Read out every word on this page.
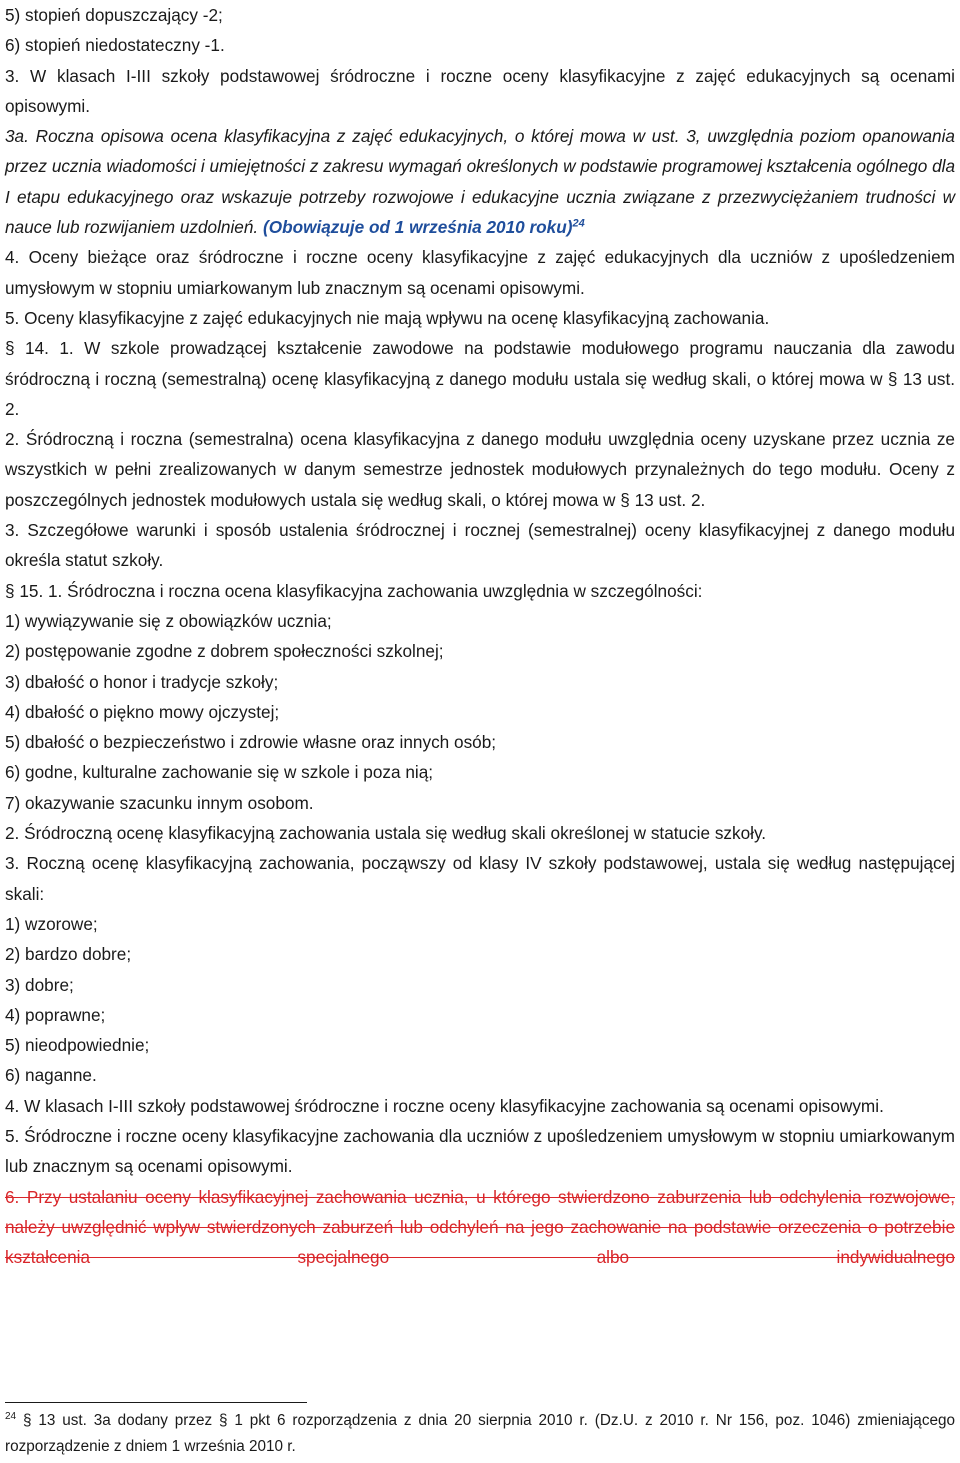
5) stopień dopuszczający -2;

6) stopień niedostateczny -1.

3. W klasach I-III szkoły podstawowej śródroczne i roczne oceny klasyfikacyjne z zajęć edukacyjnych są ocenami opisowymi.

3a. Roczna opisowa ocena klasyfikacyjna z zajęć edukacyjnych, o której mowa w ust. 3, uwzględnia poziom opanowania przez ucznia wiadomości i umiejętności z zakresu wymagań określonych w podstawie programowej kształcenia ogólnego dla I etapu edukacyjnego oraz wskazuje potrzeby rozwojowe i edukacyjne ucznia związane z przezwyciężaniem trudności w nauce lub rozwijaniem uzdolnień. (Obowiązuje od 1 września 2010 roku)$^{24}$

4. Oceny bieżące oraz śródroczne i roczne oceny klasyfikacyjne z zajęć edukacyjnych dla uczniów z upośledzeniem umysłowym w stopniu umiarkowanym lub znacznym są ocenami opisowymi.

5. Oceny klasyfikacyjne z zajęć edukacyjnych nie mają wpływu na ocenę klasyfikacyjną zachowania.

§ 14. 1. W szkole prowadzącej kształcenie zawodowe na podstawie modułowego programu nauczania dla zawodu śródroczną i roczną (semestralną) ocenę klasyfikacyjną z danego modułu ustala się według skali, o której mowa w § 13 ust. 2.

2. Śródroczną i roczna (semestralna) ocena klasyfikacyjna z danego modułu uwzględnia oceny uzyskane przez ucznia ze wszystkich w pełni zrealizowanych w danym semestrze jednostek modułowych przynależnych do tego modułu. Oceny z poszczególnych jednostek modułowych ustala się według skali, o której mowa w § 13 ust. 2.

3. Szczegółowe warunki i sposób ustalenia śródrocznej i rocznej (semestralnej) oceny klasyfikacyjnej z danego modułu określa statut szkoły.

§ 15. 1. Śródroczna i roczna ocena klasyfikacyjna zachowania uwzględnia w szczególności:

1) wywiązywanie się z obowiązków ucznia;

2) postępowanie zgodne z dobrem społeczności szkolnej;

3) dbałość o honor i tradycje szkoły;

4) dbałość o piękno mowy ojczystej;

5) dbałość o bezpieczeństwo i zdrowie własne oraz innych osób;

6) godne, kulturalne zachowanie się w szkole i poza nią;

7) okazywanie szacunku innym osobom.

2. Śródroczną ocenę klasyfikacyjną zachowania ustala się według skali określonej w statucie szkoły.

3. Roczną ocenę klasyfikacyjną zachowania, począwszy od klasy IV szkoły podstawowej, ustala się według następującej skali:

1) wzorowe;

2) bardzo dobre;

3) dobre;

4) poprawne;

5) nieodpowiednie;

6) naganne.

4. W klasach I-III szkoły podstawowej śródroczne i roczne oceny klasyfikacyjne zachowania są ocenami opisowymi.

5. Śródroczne i roczne oceny klasyfikacyjne zachowania dla uczniów z upośledzeniem umysłowym w stopniu umiarkowanym lub znacznym są ocenami opisowymi.

6. Przy ustalaniu oceny klasyfikacyjnej zachowania ucznia, u którego stwierdzono zaburzenia lub odchylenia rozwojowe, należy uwzględnić wpływ stwierdzonych zaburzeń lub odchyleń na jego zachowanie na podstawie orzeczenia o potrzebie kształcenia specjalnego albo indywidualnego

$^{24}$ § 13 ust. 3a dodany przez § 1 pkt 6 rozporządzenia z dnia 20 sierpnia 2010 r. (Dz.U. z 2010 r. Nr 156, poz. 1046) zmieniającego rozporządzenie z dniem 1 września 2010 r.
